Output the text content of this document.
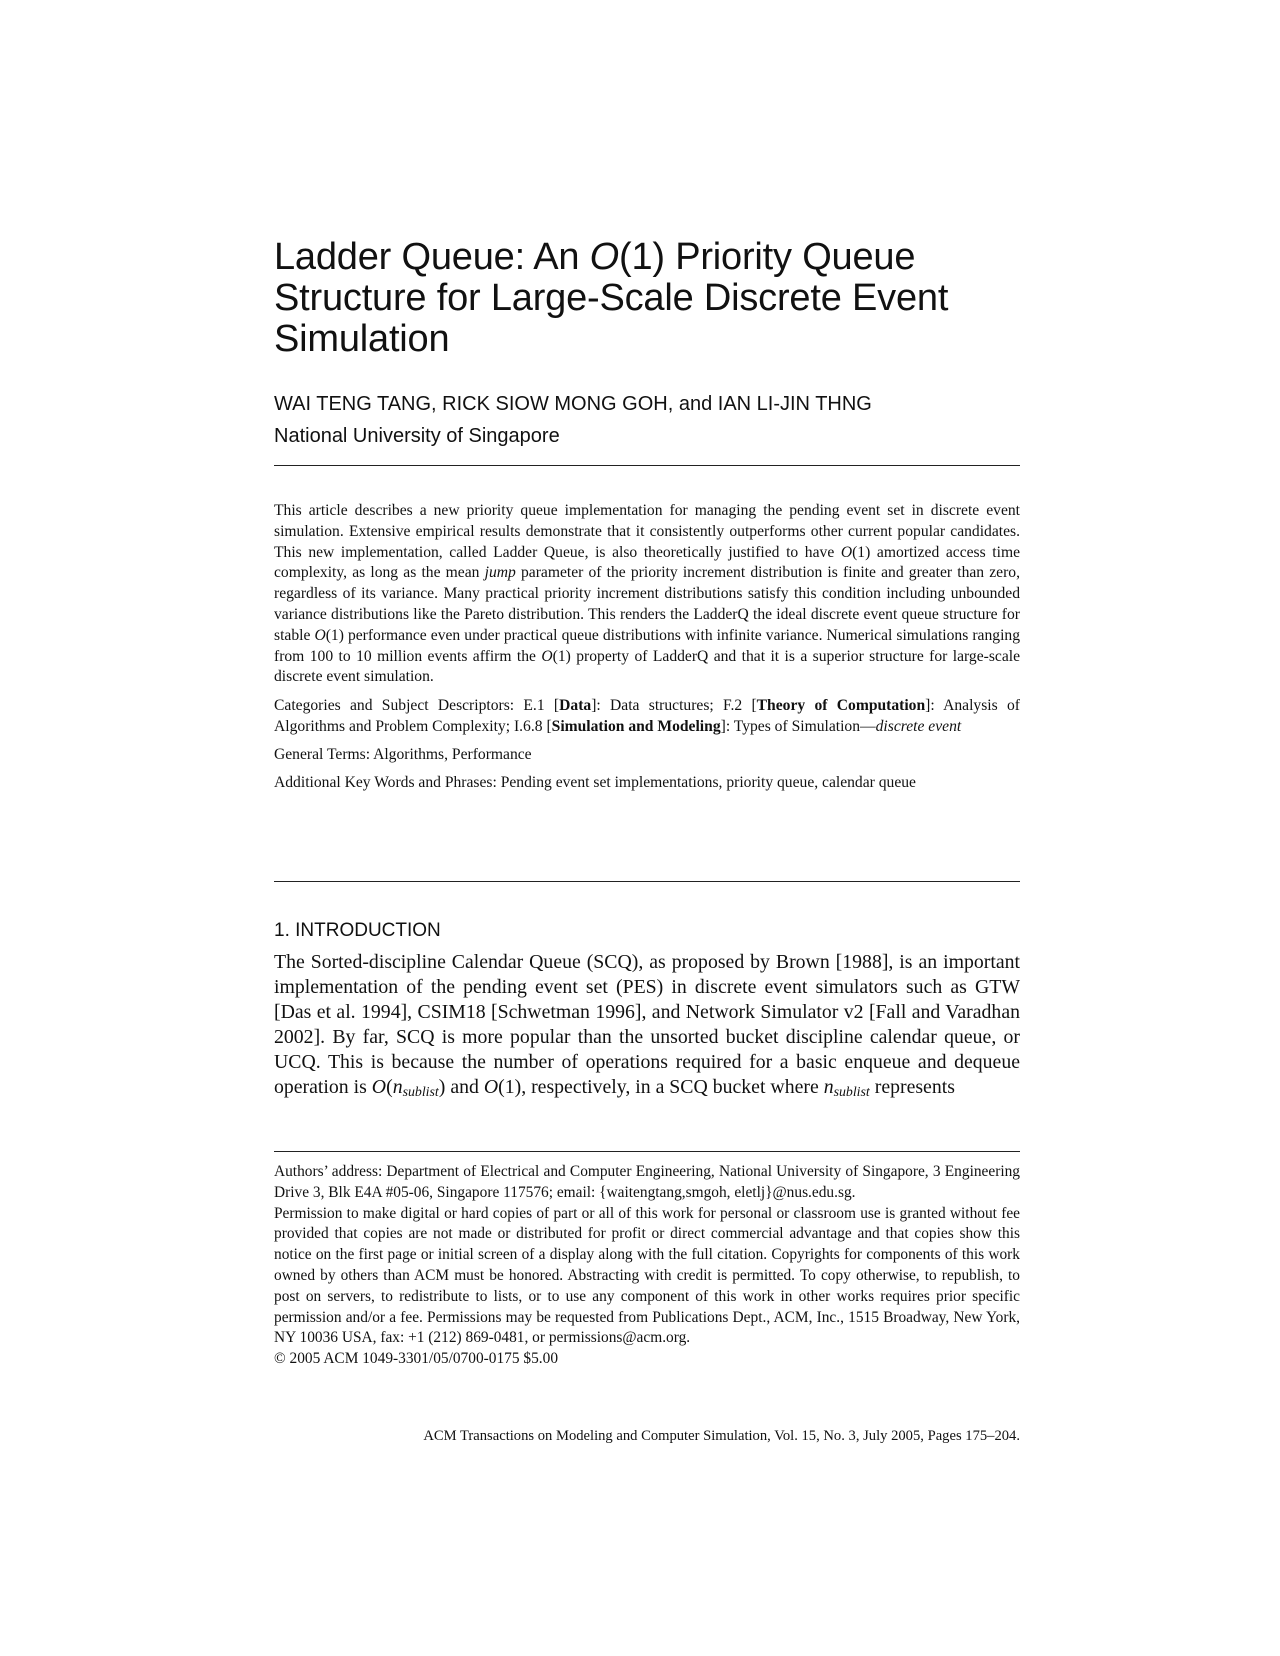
Ladder Queue: An O(1) Priority Queue Structure for Large-Scale Discrete Event Simulation
WAI TENG TANG, RICK SIOW MONG GOH, and IAN LI-JIN THNG
National University of Singapore

This article describes a new priority queue implementation for managing the pending event set in discrete event simulation. Extensive empirical results demonstrate that it consistently outperforms other current popular candidates. This new implementation, called Ladder Queue, is also theoretically justified to have O(1) amortized access time complexity, as long as the mean jump parameter of the priority increment distribution is finite and greater than zero, regardless of its variance. Many practical priority increment distributions satisfy this condition including unbounded variance distributions like the Pareto distribution. This renders the LadderQ the ideal discrete event queue structure for stable O(1) performance even under practical queue distributions with infinite variance. Numerical simulations ranging from 100 to 10 million events affirm the O(1) property of LadderQ and that it is a superior structure for large-scale discrete event simulation.

Categories and Subject Descriptors: E.1 [Data]: Data structures; F.2 [Theory of Computation]: Analysis of Algorithms and Problem Complexity; I.6.8 [Simulation and Modeling]: Types of Simulation—discrete event

General Terms: Algorithms, Performance

Additional Key Words and Phrases: Pending event set implementations, priority queue, calendar queue

1. INTRODUCTION

The Sorted-discipline Calendar Queue (SCQ), as proposed by Brown [1988], is an important implementation of the pending event set (PES) in discrete event simulators such as GTW [Das et al. 1994], CSIM18 [Schwetman 1996], and Network Simulator v2 [Fall and Varadhan 2002]. By far, SCQ is more popular than the unsorted bucket discipline calendar queue, or UCQ. This is because the number of operations required for a basic enqueue and dequeue operation is $O(n_{sublist})$ and O(1), respectively, in a SCQ bucket where $n_{sublist}$ represents

Authors’ address: Department of Electrical and Computer Engineering, National University of Singapore, 3 Engineering Drive 3, Blk E4A #05-06, Singapore 117576; email: {waitengtang,smgoh, eletlj}@nus.edu.sg.

Permission to make digital or hard copies of part or all of this work for personal or classroom use is granted without fee provided that copies are not made or distributed for profit or direct commercial advantage and that copies show this notice on the first page or initial screen of a display along with the full citation. Copyrights for components of this work owned by others than ACM must be honored. Abstracting with credit is permitted. To copy otherwise, to republish, to post on servers, to redistribute to lists, or to use any component of this work in other works requires prior specific permission and/or a fee. Permissions may be requested from Publications Dept., ACM, Inc., 1515 Broadway, New York, NY 10036 USA, fax: +1 (212) 869-0481, or permissions@acm.org.

© 2005 ACM 1049-3301/05/0700-0175 $5.00

ACM Transactions on Modeling and Computer Simulation, Vol. 15, No. 3, July 2005, Pages 175–204.
